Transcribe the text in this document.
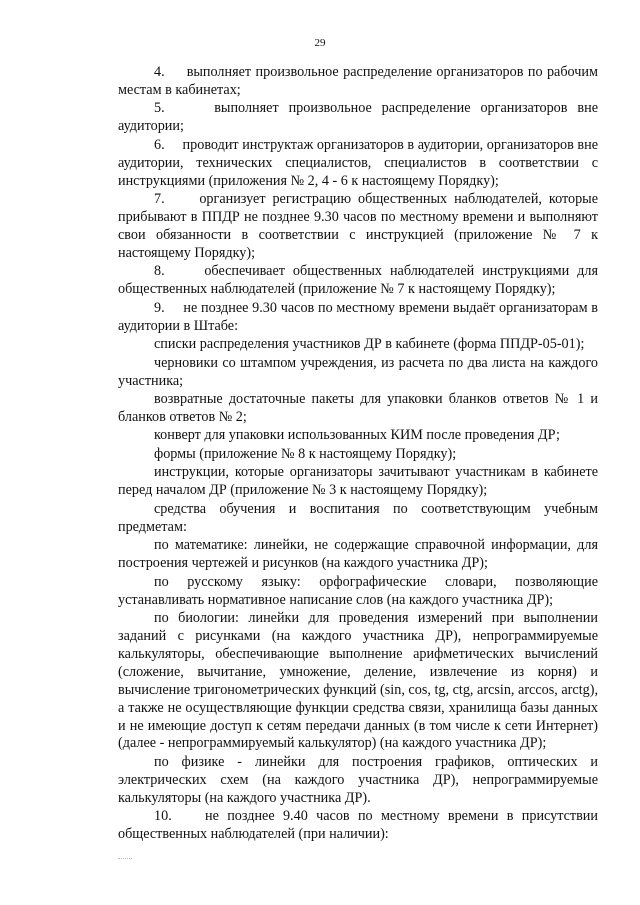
29

4.     выполняет произвольное распределение организаторов по рабочим местам в кабинетах;

5.     выполняет произвольное распределение организаторов вне аудитории;

6.     проводит инструктаж организаторов в аудитории, организаторов вне аудитории, технических специалистов, специалистов в соответствии с инструкциями (приложения № 2, 4 - 6 к настоящему Порядку);

7.     организует регистрацию общественных наблюдателей, которые прибывают в ППДР не позднее 9.30 часов по местному времени и выполняют свои обязанности в соответствии с инструкцией (приложение № 7 к настоящему Порядку);

8.     обеспечивает общественных наблюдателей инструкциями для общественных наблюдателей (приложение № 7 к настоящему Порядку);

9.     не позднее 9.30 часов по местному времени выдаёт организаторам в аудитории в Штабе:

списки распределения участников ДР в кабинете (форма ППДР-05-01);

черновики со штампом учреждения, из расчета по два листа на каждого участника;

возвратные достаточные пакеты для упаковки бланков ответов № 1 и бланков ответов № 2;

конверт для упаковки использованных КИМ после проведения ДР;

формы (приложение № 8 к настоящему Порядку);

инструкции, которые организаторы зачитывают участникам в кабинете перед началом ДР (приложение № 3 к настоящему Порядку);

средства обучения и воспитания по соответствующим учебным предметам:

по математике: линейки, не содержащие справочной информации, для построения чертежей и рисунков (на каждого участника ДР);

по русскому языку: орфографические словари, позволяющие устанавливать нормативное написание слов (на каждого участника ДР);

по биологии: линейки для проведения измерений при выполнении заданий с рисунками (на каждого участника ДР), непрограммируемые калькуляторы, обеспечивающие выполнение арифметических вычислений (сложение, вычитание, умножение, деление, извлечение из корня) и вычисление тригонометрических функций (sin, cos, tg, ctg, arcsin, arccos, arctg), а также не осуществляющие функции средства связи, хранилища базы данных и не имеющие доступ к сетям передачи данных (в том числе к сети Интернет) (далее - непрограммируемый калькулятор) (на каждого участника ДР);

по физике - линейки для построения графиков, оптических и электрических схем (на каждого участника ДР), непрограммируемые калькуляторы (на каждого участника ДР).

10.    не позднее 9.40 часов по местному времени в присутствии общественных наблюдателей (при наличии):
